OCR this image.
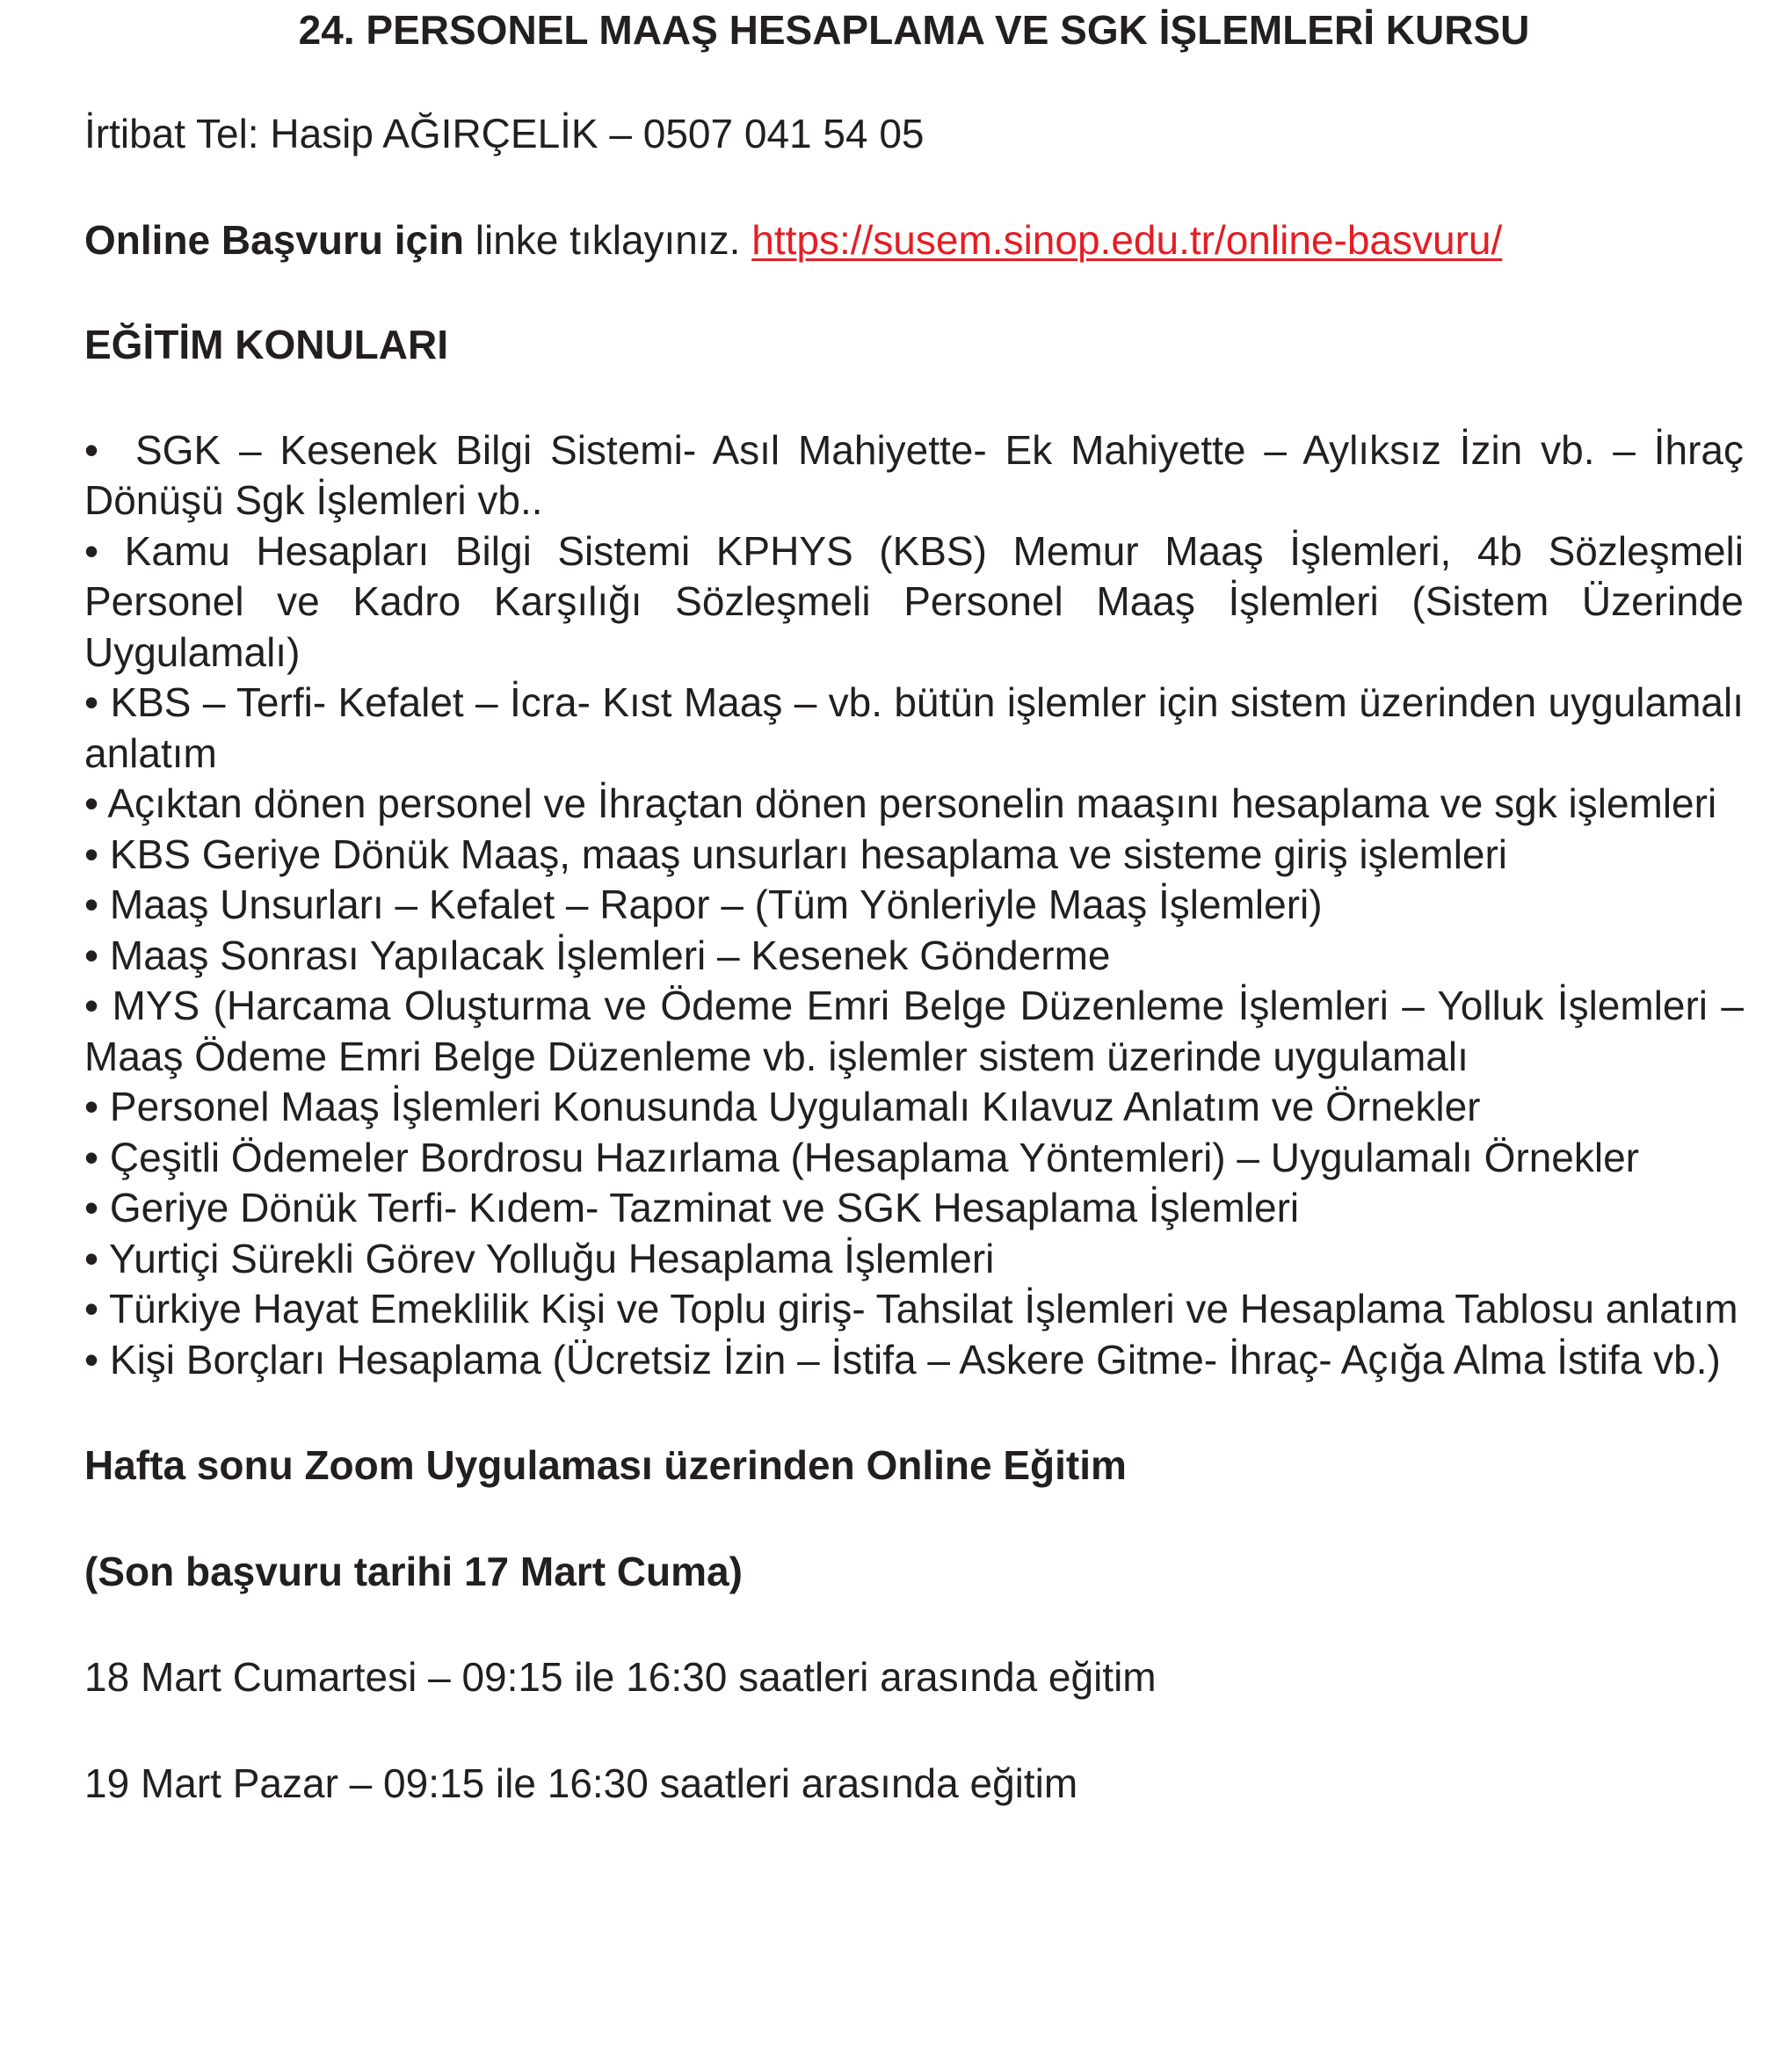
24. PERSONEL MAAŞ HESAPLAMA VE SGK İŞLEMLERİ KURSU

İrtibat Tel: Hasip AĞIRÇELİK – 0507 041 54 05

Online Başvuru için linke tıklayınız. https://susem.sinop.edu.tr/online-basvuru/

EĞİTİM KONULARI

• SGK – Kesenek Bilgi Sistemi- Asıl Mahiyette- Ek Mahiyette – Aylıksız İzin vb. – İhraç Dönüşü Sgk İşlemleri vb..
• Kamu Hesapları Bilgi Sistemi KPHYS (KBS) Memur Maaş İşlemleri, 4b Sözleşmeli Personel ve Kadro Karşılığı Sözleşmeli Personel Maaş İşlemleri (Sistem Üzerinde Uygulamalı)
• KBS – Terfi- Kefalet – İcra- Kıst Maaş – vb. bütün işlemler için sistem üzerinden uygulamalı anlatım
• Açıktan dönen personel ve İhraçtan dönen personelin maaşını hesaplama ve sgk işlemleri
• KBS Geriye Dönük Maaş, maaş unsurları hesaplama ve sisteme giriş işlemleri
• Maaş Unsurları – Kefalet – Rapor – (Tüm Yönleriyle Maaş İşlemleri)
• Maaş Sonrası Yapılacak İşlemleri – Kesenek Gönderme
• MYS (Harcama Oluşturma ve Ödeme Emri Belge Düzenleme İşlemleri – Yolluk İşlemleri – Maaş Ödeme Emri Belge Düzenleme vb. işlemler sistem üzerinde uygulamalı
• Personel Maaş İşlemleri Konusunda Uygulamalı Kılavuz Anlatım ve Örnekler
• Çeşitli Ödemeler Bordrosu Hazırlama (Hesaplama Yöntemleri) – Uygulamalı Örnekler
• Geriye Dönük Terfi- Kıdem- Tazminat ve SGK Hesaplama İşlemleri
• Yurtiçi Sürekli Görev Yolluğu Hesaplama İşlemleri
• Türkiye Hayat Emeklilik Kişi ve Toplu giriş- Tahsilat İşlemleri ve Hesaplama Tablosu anlatım
• Kişi Borçları Hesaplama (Ücretsiz İzin – İstifa – Askere Gitme- İhraç- Açığa Alma İstifa vb.)

Hafta sonu Zoom Uygulaması üzerinden Online Eğitim

(Son başvuru tarihi 17 Mart Cuma)

18 Mart Cumartesi – 09:15 ile 16:30 saatleri arasında eğitim

19 Mart Pazar – 09:15 ile 16:30 saatleri arasında eğitim
